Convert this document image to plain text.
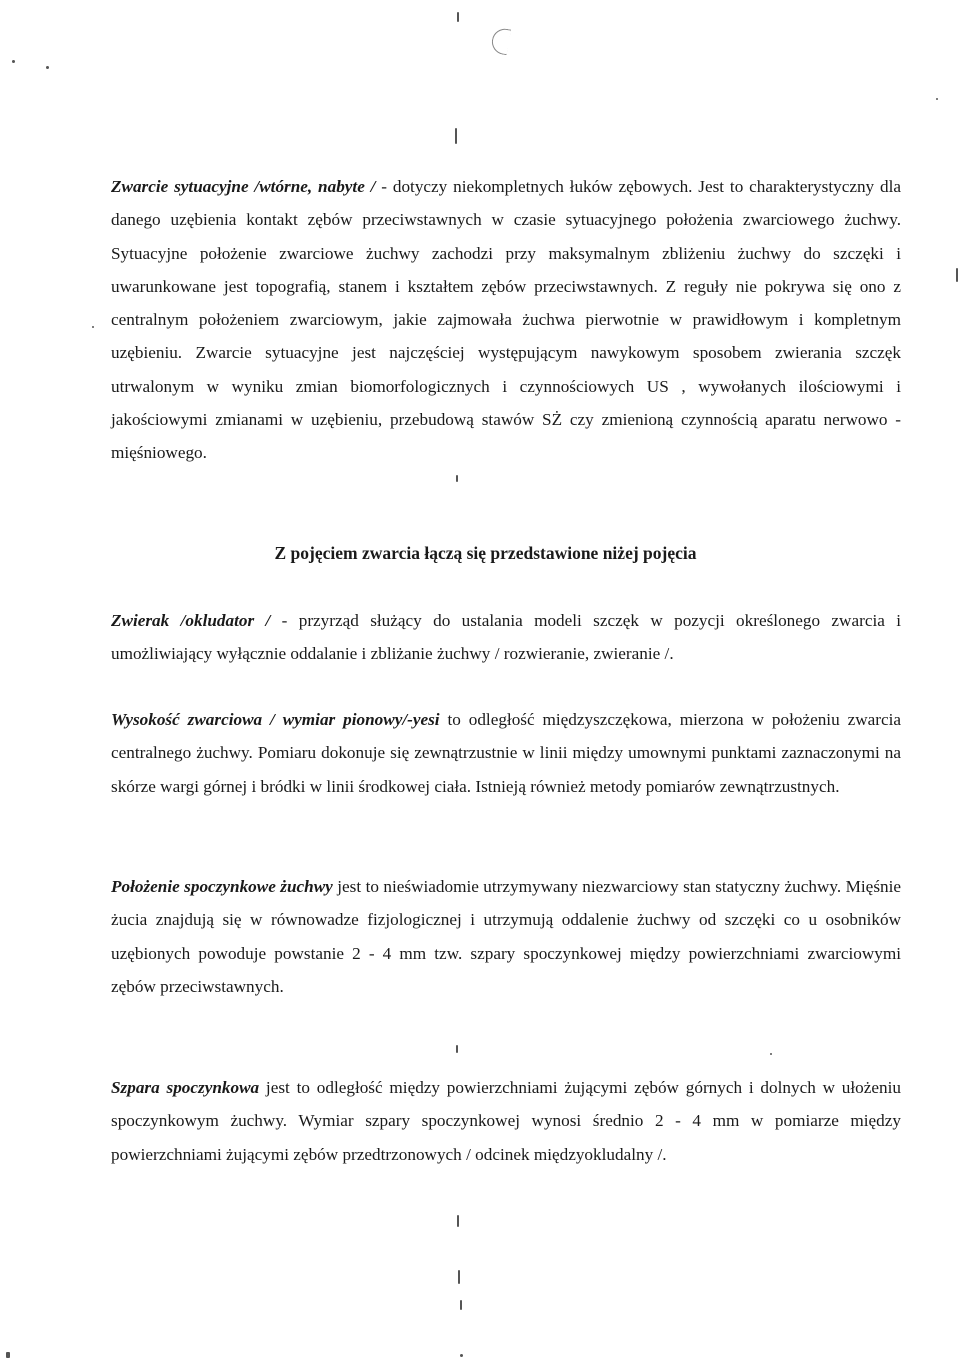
Zwarcie sytuacyjne /wtórne, nabyte / - dotyczy niekompletnych łuków zębowych. Jest to charakterystyczny dla danego uzębienia kontakt zębów przeciwstawnych w czasie sytuacyjnego położenia zwarciowego żuchwy. Sytuacyjne położenie zwarciowe żuchwy zachodzi przy maksymalnym zbliżeniu żuchwy do szczęki i uwarunkowane jest topografią, stanem i kształtem zębów przeciwstawnych. Z reguły nie pokrywa się ono z centralnym położeniem zwarciowym, jakie zajmowała żuchwa pierwotnie w prawidłowym i kompletnym uzębieniu. Zwarcie sytuacyjne jest najczęściej występującym nawykowym sposobem zwierania szczęk utrwalonym w wyniku zmian biomorfologicznych i czynnościowych US , wywołanych ilościowymi i jakościowymi zmianami w uzębieniu, przebudową stawów SŻ czy zmienioną czynnością aparatu nerwowo - mięśniowego.

Z pojęciem zwarcia łączą się przedstawione niżej pojęcia

Zwierak /okludator / - przyrząd służący do ustalania modeli szczęk w pozycji określonego zwarcia i umożliwiający wyłącznie oddalanie i zbliżanie żuchwy / rozwieranie, zwieranie /.

Wysokość zwarciowa / wymiar pionowy/-yesi to odległość międzyszczękowa, mierzona w położeniu zwarcia centralnego żuchwy. Pomiaru dokonuje się zewnątrzustnie w linii między umownymi punktami zaznaczonymi na skórze wargi górnej i bródki w linii środkowej ciała. Istnieją również metody pomiarów zewnątrzustnych.

Położenie spoczynkowe żuchwy jest to nieświadomie utrzymywany niezwarciowy stan statyczny żuchwy. Mięśnie żucia znajdują się w równowadze fizjologicznej i utrzymują oddalenie żuchwy od szczęki co u osobników uzębionych powoduje powstanie 2 - 4 mm tzw. szpary spoczynkowej między powierzchniami zwarciowymi zębów przeciwstawnych.

Szpara spoczynkowa jest to odległość między powierzchniami żującymi zębów górnych i dolnych w ułożeniu spoczynkowym żuchwy. Wymiar szpary spoczynkowej wynosi średnio 2 - 4 mm w pomiarze między powierzchniami żującymi zębów przedtrzonowych / odcinek międzyokludalny /.
